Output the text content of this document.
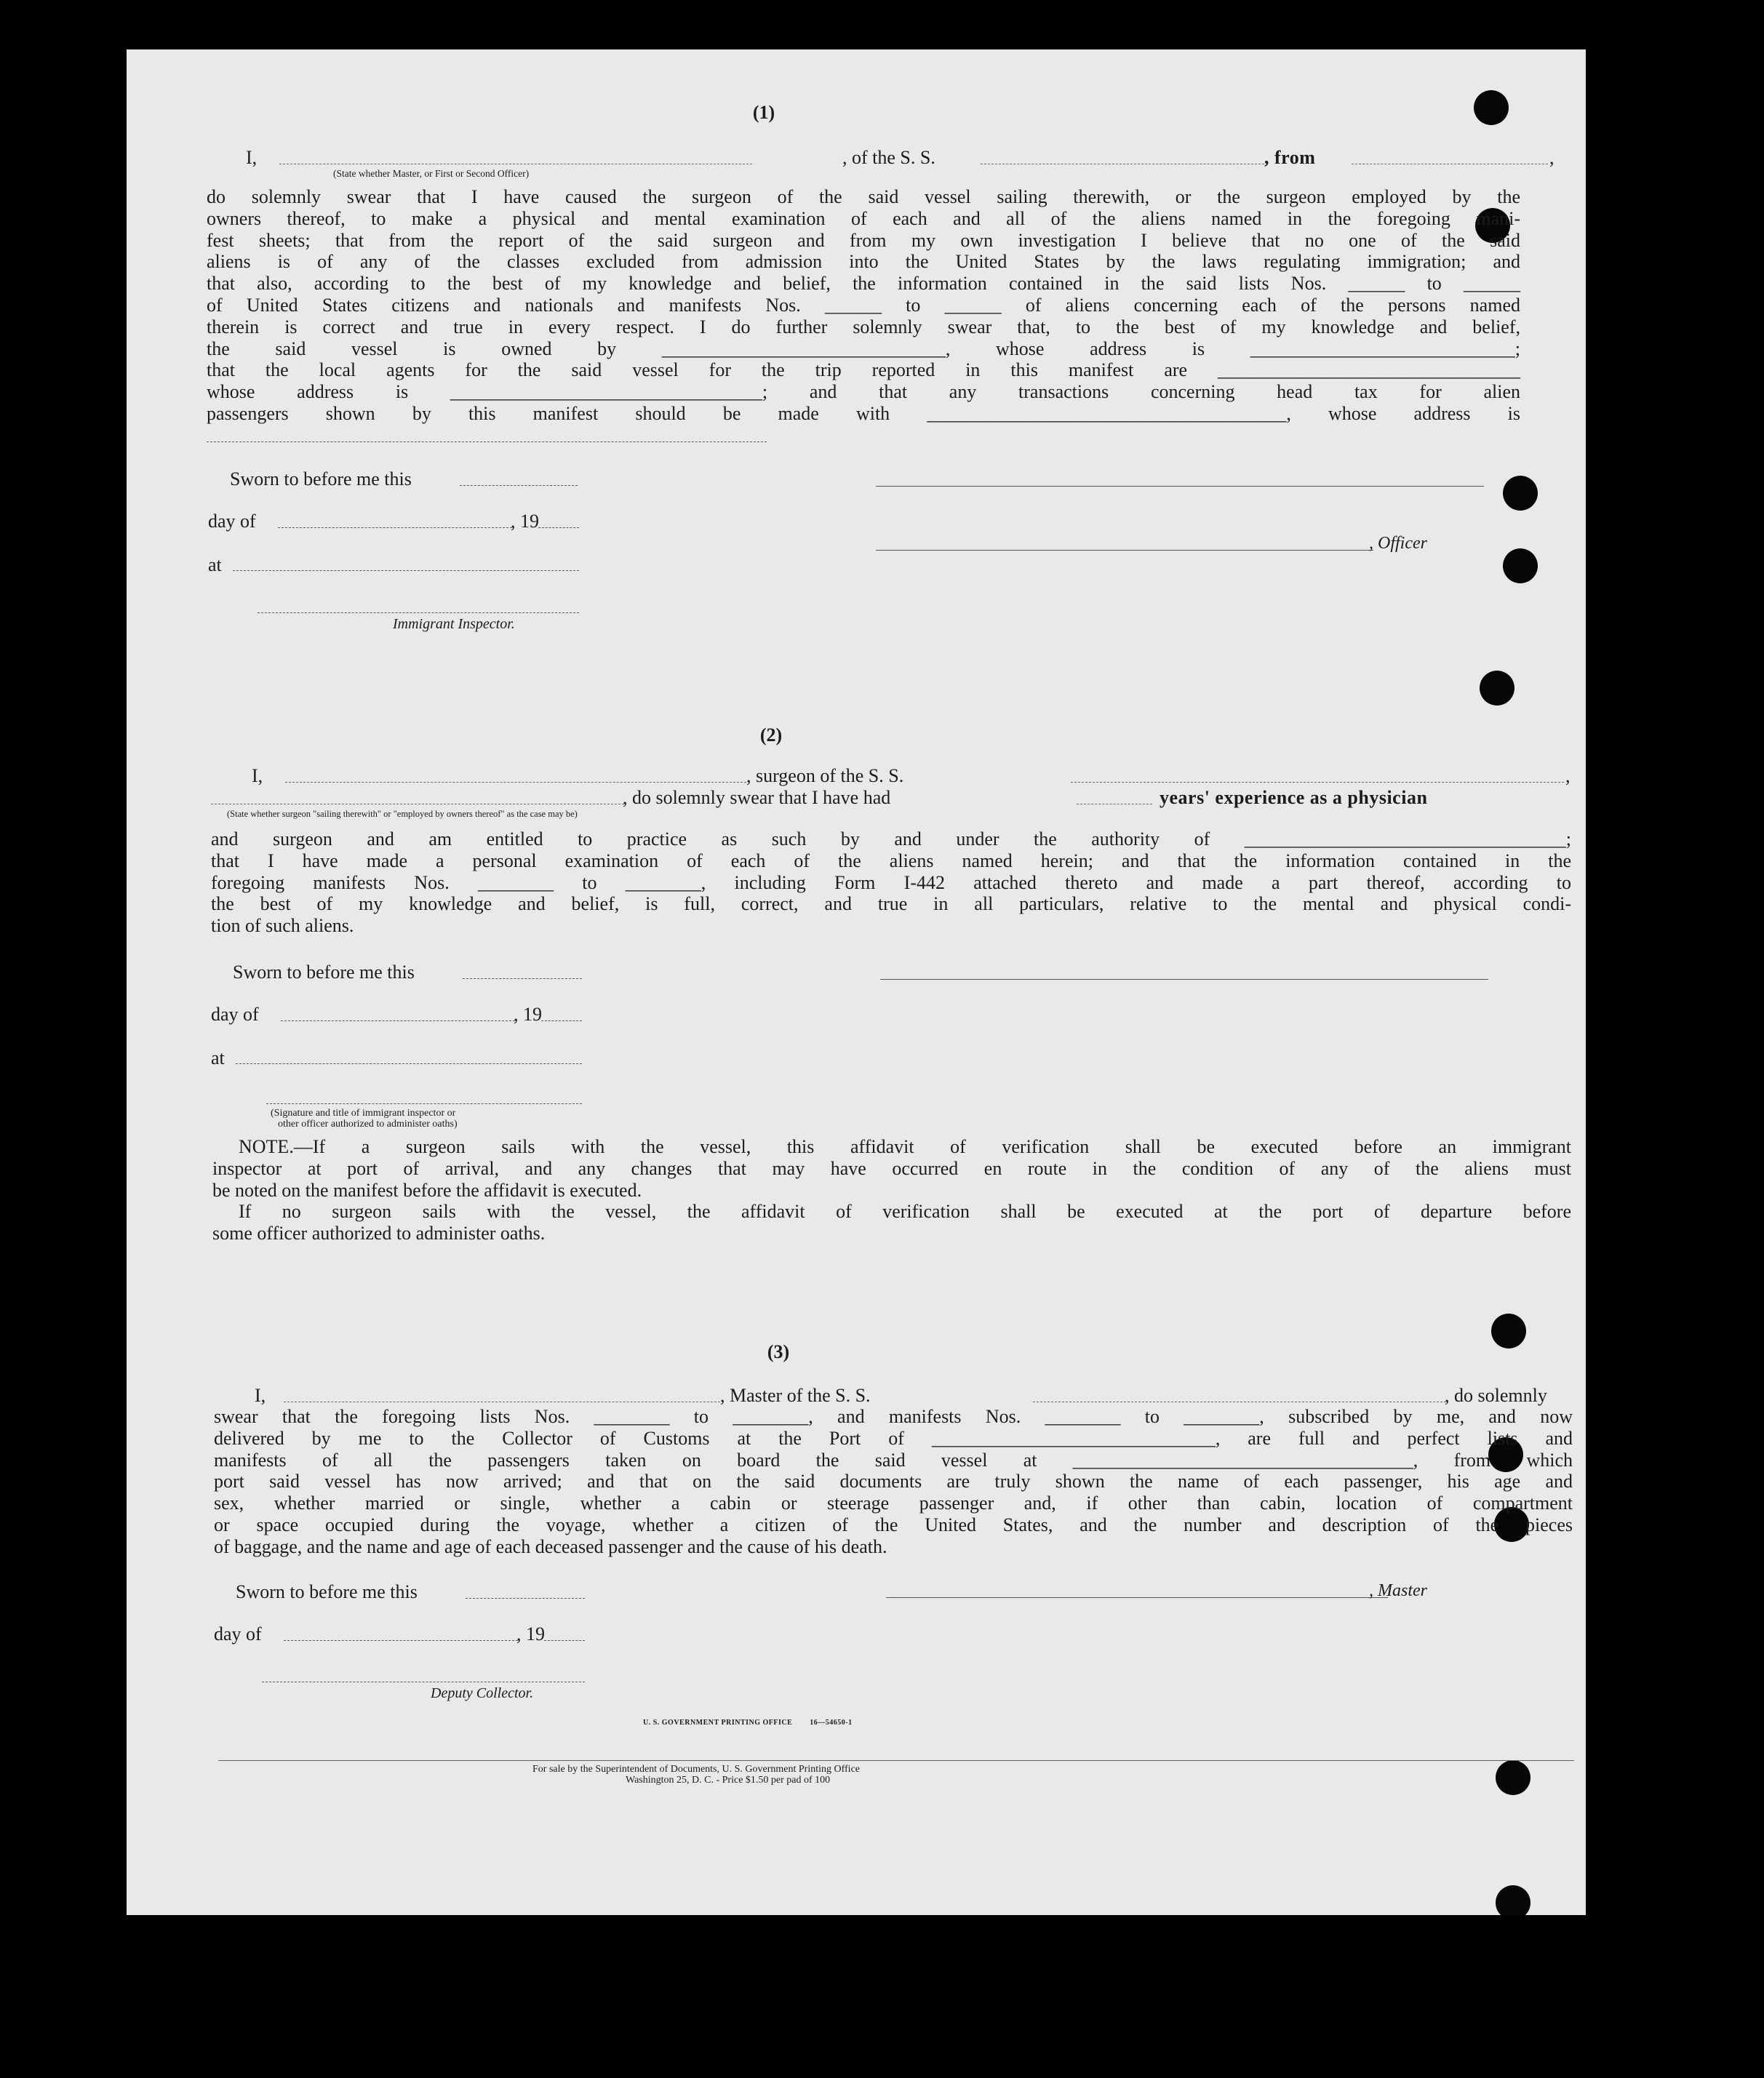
(1)
I,	, of the S. S.	, from	,
(State whether Master, or First or Second Officer)
do solemnly swear that I have caused the surgeon of the said vessel sailing therewith, or the surgeon employed by the
owners thereof, to make a physical and mental examination of each and all of the aliens named in the foregoing mani-
fest sheets; that from the report of the said surgeon and from my own investigation I believe that no one of the said
aliens is of any of the classes excluded from admission into the United States by the laws regulating immigration; and
that also, according to the best of my knowledge and belief, the information contained in the said lists Nos. ______ to ______
of United States citizens and nationals and manifests Nos. ______ to ______ of aliens concerning each of the persons named
therein is correct and true in every respect. I do further solemnly swear that, to the best of my knowledge and belief,
the said vessel is owned by ______________________________, whose address is ____________________________;
that the local agents for the said vessel for the trip reported in this manifest are ________________________________
whose address is _________________________________; and that any transactions concerning head tax for alien
passengers shown by this manifest should be made with ______________________________________, whose address is
Sworn to before me this
day of	, 19
at
Immigrant Inspector.
, Officer
(2)
I,	, surgeon of the S. S.	,
, do solemnly swear that I have had	years' experience as a physician
(State whether surgeon "sailing therewith" or "employed by owners thereof" as the case may be)
and surgeon and am entitled to practice as such by and under the authority of __________________________________;
that I have made a personal examination of each of the aliens named herein; and that the information contained in the
foregoing manifests Nos. ________ to ________, including Form I-442 attached thereto and made a part thereof, according to
the best of my knowledge and belief, is full, correct, and true in all particulars, relative to the mental and physical condi-
tion of such aliens.
Sworn to before me this
day of	, 19
at
(Signature and title of immigrant inspector or
other officer authorized to administer oaths)
NOTE.—If a surgeon sails with the vessel, this affidavit of verification shall be executed before an immigrant
inspector at port of arrival, and any changes that may have occurred en route in the condition of any of the aliens must
be noted on the manifest before the affidavit is executed.
If no surgeon sails with the vessel, the affidavit of verification shall be executed at the port of departure before
some officer authorized to administer oaths.
(3)
I,	, Master of the S. S.	, do solemnly
swear that the foregoing lists Nos. ________ to ________, and manifests Nos. ________ to ________, subscribed by me, and now
delivered by me to the Collector of Customs at the Port of ______________________________, are full and perfect lists and
manifests of all the passengers taken on board the said vessel at ____________________________________, from which
port said vessel has now arrived; and that on the said documents are truly shown the name of each passenger, his age and
sex, whether married or single, whether a cabin or steerage passenger and, if other than cabin, location of compartment
or space occupied during the voyage, whether a citizen of the United States, and the number and description of the pieces
of baggage, and the name and age of each deceased passenger and the cause of his death.
Sworn to before me this
day of	, 19
Deputy Collector.
, Master
U. S. GOVERNMENT PRINTING OFFICE        16—54650-1
For sale by the Superintendent of Documents, U. S. Government Printing Office
Washington 25, D. C. - Price $1.50 per pad of 100
